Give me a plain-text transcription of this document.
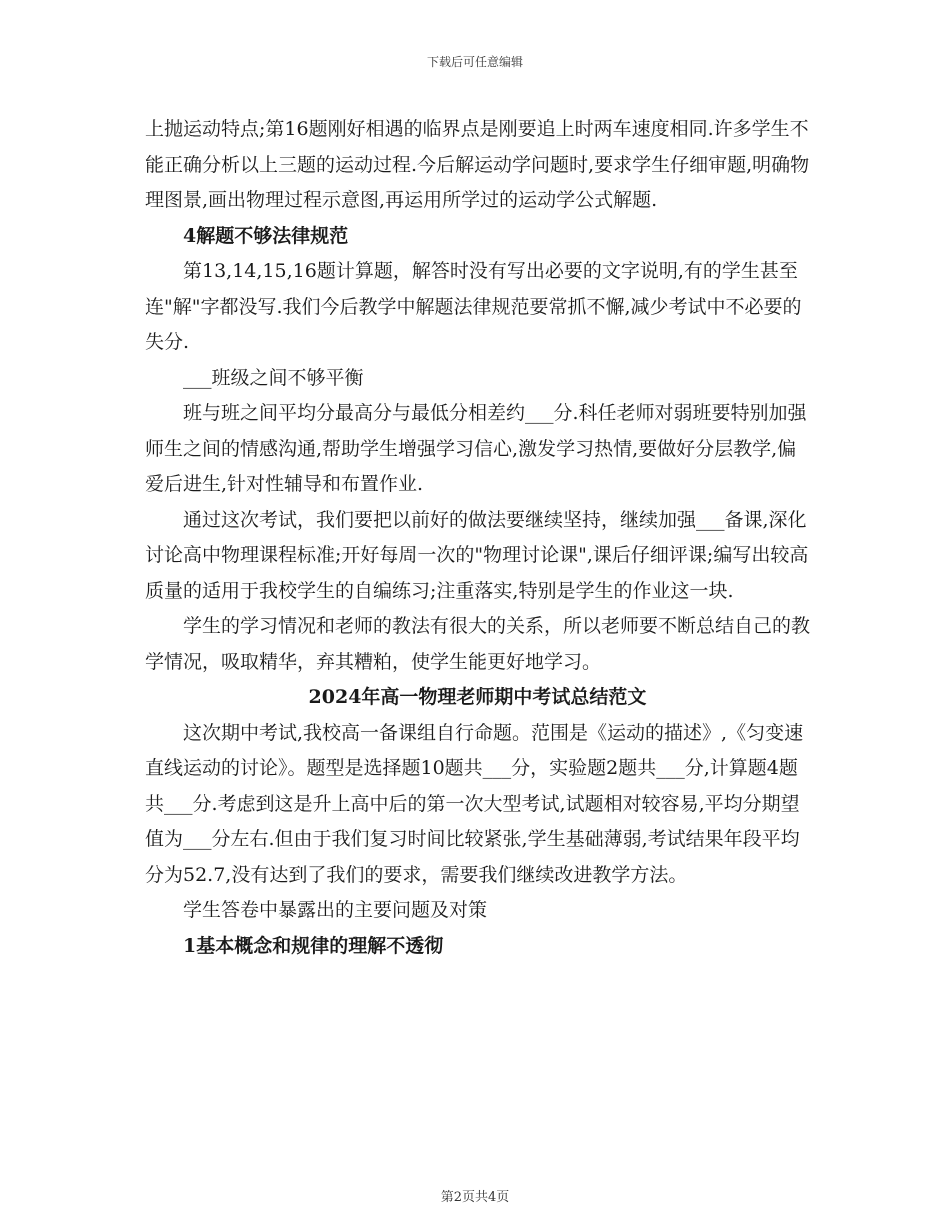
下载后可任意编辑

上抛运动特点;第16题刚好相遇的临界点是刚要追上时两车速度相同.许多学生不能正确分析以上三题的运动过程.今后解运动学问题时,要求学生仔细审题,明确物理图景,画出物理过程示意图,再运用所学过的运动学公式解题.

4解题不够法律规范

第13,14,15,16题计算题，解答时没有写出必要的文字说明,有的学生甚至连"解"字都没写.我们今后教学中解题法律规范要常抓不懈,减少考试中不必要的失分.

___班级之间不够平衡

班与班之间平均分最高分与最低分相差约___分.科任老师对弱班要特别加强师生之间的情感沟通,帮助学生增强学习信心,激发学习热情,要做好分层教学,偏爱后进生,针对性辅导和布置作业.

通过这次考试，我们要把以前好的做法要继续坚持，继续加强___备课,深化讨论高中物理课程标准;开好每周一次的"物理讨论课",课后仔细评课;编写出较高质量的适用于我校学生的自编练习;注重落实,特别是学生的作业这一块.

学生的学习情况和老师的教法有很大的关系，所以老师要不断总结自己的教学情况，吸取精华，弃其糟粕，使学生能更好地学习。

2024年高一物理老师期中考试总结范文

这次期中考试,我校高一备课组自行命题。范围是《运动的描述》,《匀变速直线运动的讨论》。题型是选择题10题共___分，实验题2题共___分,计算题4题共___分.考虑到这是升上高中后的第一次大型考试,试题相对较容易,平均分期望值为___分左右.但由于我们复习时间比较紧张,学生基础薄弱,考试结果年段平均分为52.7,没有达到了我们的要求，需要我们继续改进教学方法。

学生答卷中暴露出的主要问题及对策

1基本概念和规律的理解不透彻

第2页共4页
